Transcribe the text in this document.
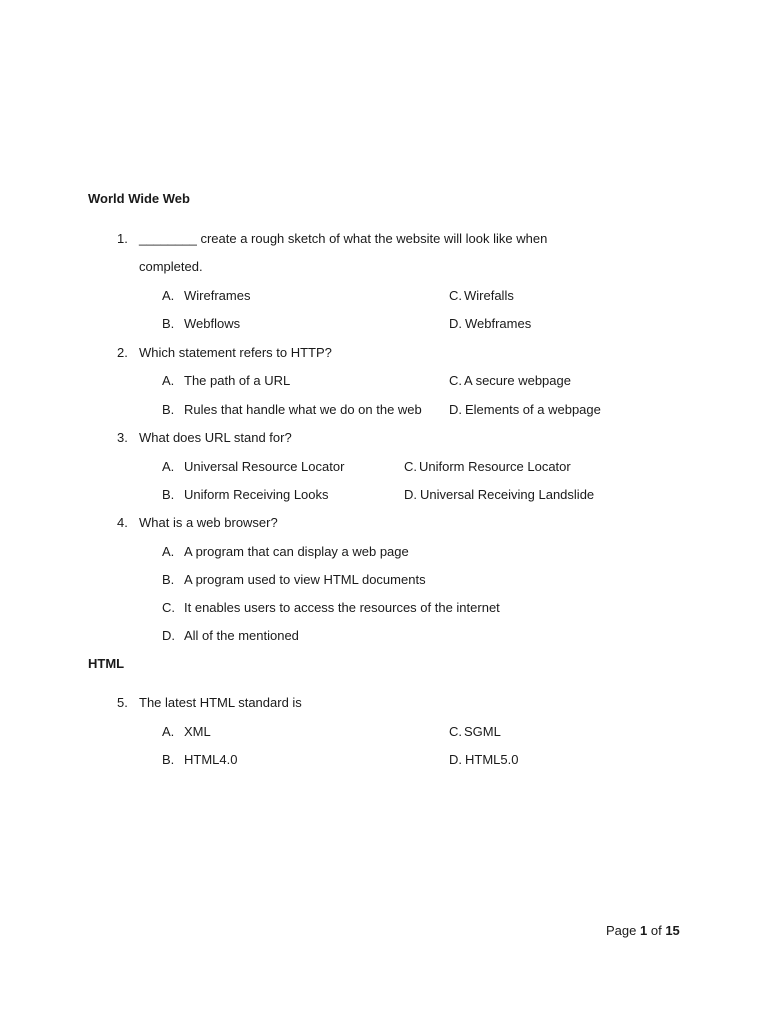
World Wide Web
1. ________ create a rough sketch of what the website will look like when
completed.
A. Wireframes
B. Webflows
C. Wirefalls
D. Webframes
2. Which statement refers to HTTP?
A. The path of a URL
B. Rules that handle what we do on the web
C. A secure webpage
D. Elements of a webpage
3. What does URL stand for?
A. Universal Resource Locator
B. Uniform Receiving Looks
C. Uniform Resource Locator
D. Universal Receiving Landslide
4. What is a web browser?
A. A program that can display a web page
B. A program used to view HTML documents
C. It enables users to access the resources of the internet
D. All of the mentioned
HTML
5. The latest HTML standard is
A. XML
B. HTML4.0
C. SGML
D. HTML5.0
Page 1 of 15
